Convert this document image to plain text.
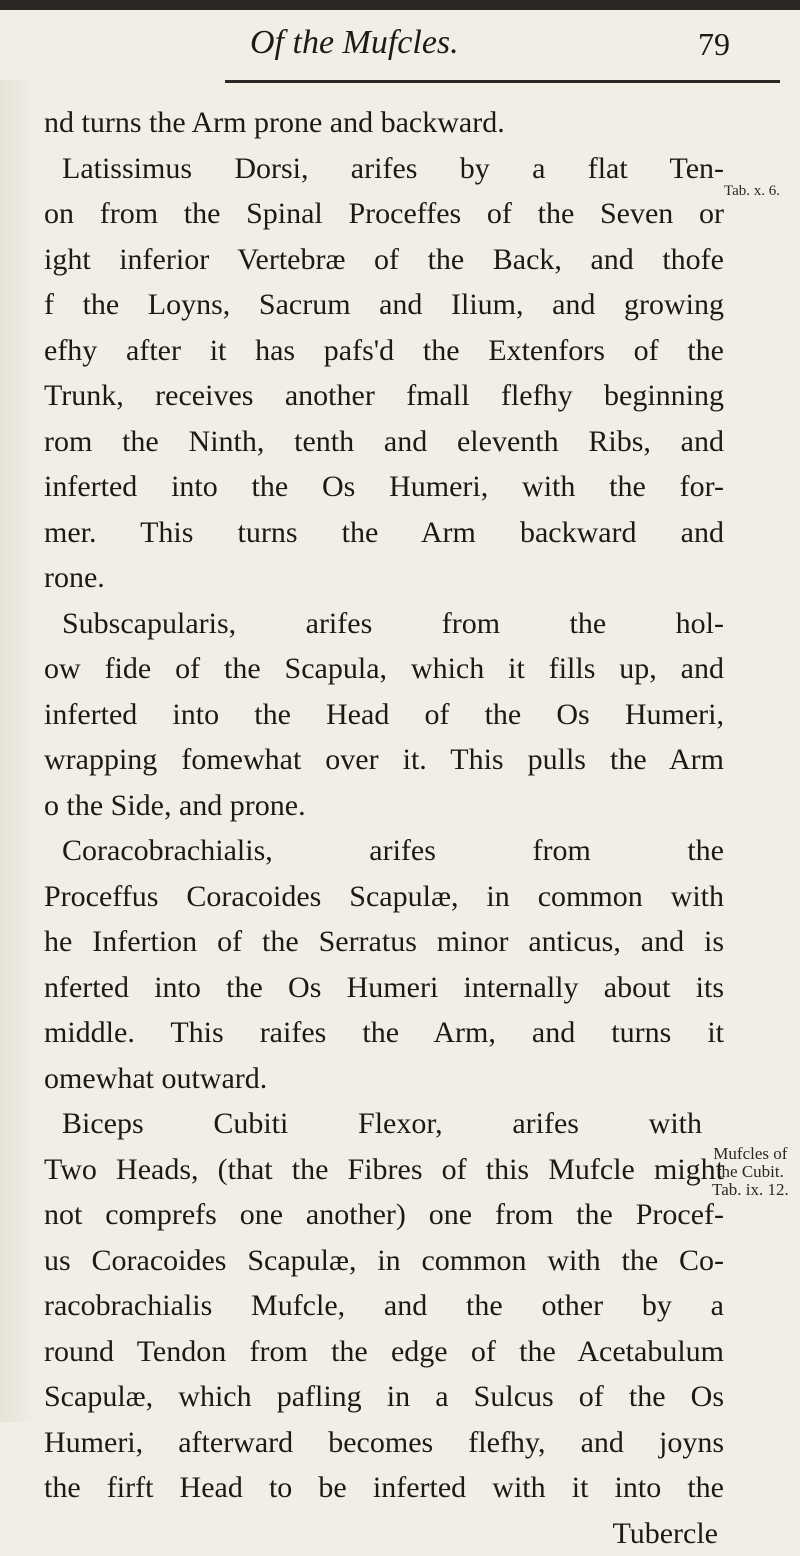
Of the Mufcles.	79
Tab. x. 6.
Mufcles of
the Cubit.
Tab. ix. 12.
nd turns the Arm prone and backward.
Latissimus Dorsi, arifes by a flat Ten-
on from the Spinal Proceffes of the Seven or
ight inferior Vertebræ of the Back, and thofe
f the Loyns, Sacrum and Ilium, and growing
efhy after it has pafs'd the Extenfors of the
Trunk, receives another fmall flefhy beginning
rom the Ninth, tenth and eleventh Ribs, and
inferted into the Os Humeri, with the for-
mer. This turns the Arm backward and
rone.
Subscapularis, arifes from the hol-
ow fide of the Scapula, which it fills up, and
inferted into the Head of the Os Humeri,
wrapping fomewhat over it. This pulls the Arm
o the Side, and prone.
Coracobrachialis, arifes from the
Proceffus Coracoides Scapulæ, in common with
he Infertion of the Serratus minor anticus, and is
nferted into the Os Humeri internally about its
middle. This raifes the Arm, and turns it
omewhat outward.
Biceps Cubiti Flexor, arifes with
Two Heads, (that the Fibres of this Mufcle might
not comprefs one another) one from the Procef-
us Coracoides Scapulæ, in common with the Co-
racobrachialis Mufcle, and the other by a
round Tendon from the edge of the Acetabulum
Scapulæ, which pafling in a Sulcus of the Os
Humeri, afterward becomes flefhy, and joyns
the firft Head to be inferted with it into the
Tubercle
